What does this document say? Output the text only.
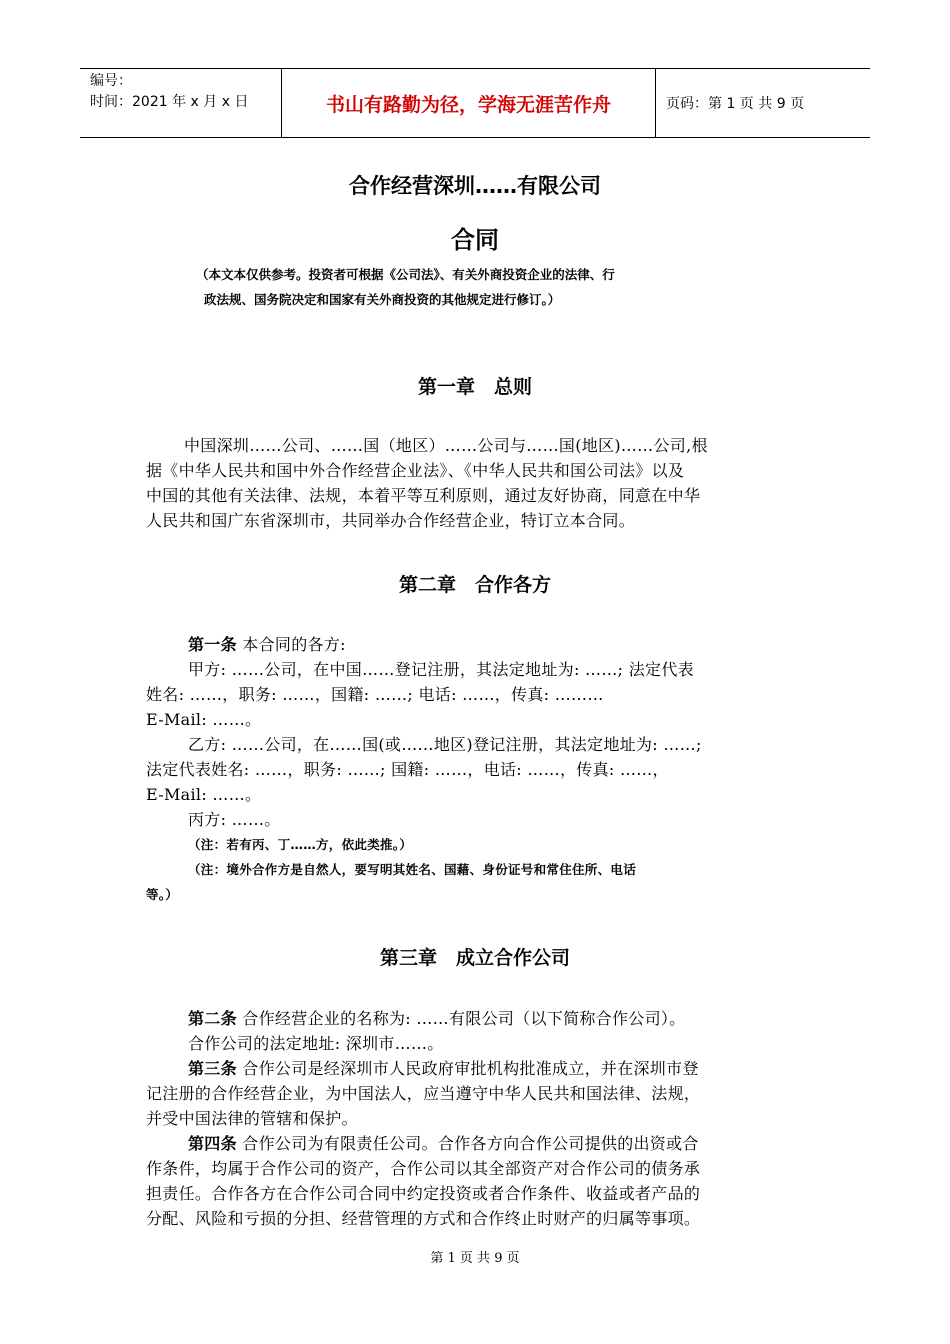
编号：
时间：2021 年 x 月 x 日	书山有路勤为径，学海无涯苦作舟	页码：第 1 页 共 9 页
合作经营深圳……有限公司
合同
（本文本仅供参考。投资者可根据《公司法》、有关外商投资企业的法律、行
政法规、国务院决定和国家有关外商投资的其他规定进行修订。）
第一章　总则
中国深圳……公司、……国（地区）……公司与……国(地区)……公司,根
据《中华人民共和国中外合作经营企业法》、《中华人民共和国公司法》以及
中国的其他有关法律、法规，本着平等互利原则，通过友好协商，同意在中华
人民共和国广东省深圳市，共同举办合作经营企业，特订立本合同。
第二章　合作各方
第一条 本合同的各方:
甲方: ……公司，在中国……登记注册，其法定地址为: ……; 法定代表
姓名: ……，职务: ……，国籍: ……; 电话: ……，传真: ………
E-Mail: ……。
乙方: ……公司，在……国(或……地区)登记注册，其法定地址为: ……;
法定代表姓名: ……，职务: ……; 国籍: ……，电话: ……，传真: ……，
E-Mail: ……。
丙方: ……。
（注：若有丙、丁……方，依此类推。）
（注：境外合作方是自然人，要写明其姓名、国藉、身份证号和常住住所、电话
等。）
第三章　成立合作公司
第二条 合作经营企业的名称为: ……有限公司（以下简称合作公司）。
合作公司的法定地址: 深圳市……。
第三条 合作公司是经深圳市人民政府审批机构批准成立，并在深圳市登
记注册的合作经营企业，为中国法人，应当遵守中华人民共和国法律、法规，
并受中国法律的管辖和保护。
第四条 合作公司为有限责任公司。合作各方向合作公司提供的出资或合
作条件，均属于合作公司的资产，合作公司以其全部资产对合作公司的债务承
担责任。合作各方在合作公司合同中约定投资或者合作条件、收益或者产品的
分配、风险和亏损的分担、经营管理的方式和合作终止时财产的归属等事项。
第 1 页 共 9 页
